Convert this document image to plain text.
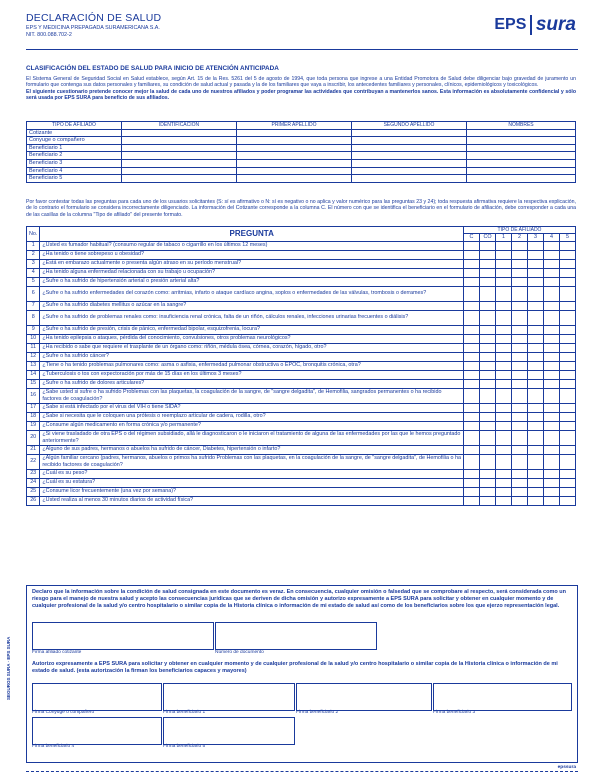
DECLARACIÓN DE SALUD
EPS Y MEDICINA PREPAGADA SURAMERICANA S.A.
NIT. 800.088.702-2
EPS sura
CLASIFICACIÓN DEL ESTADO DE SALUD PARA INICIO DE ATENCIÓN ANTICIPADA

El Sistema General de Seguridad Social en Salud establece, según Art. 15 de la Res. 5261 del 5 de agosto de 1994, que toda persona que ingrese a una Entidad Promotora de Salud debe diligenciar bajo gravedad de juramento un formulario que contenga sus datos personales y familiares, su condición de salud actual y pasada y la de los familiares que vaya a inscribir, los antecedentes familiares y personales, clínicos, epidemiológicos y toxicológicos.

El siguiente cuestionario pretende conocer mejor la salud de cada uno de nuestros afiliados y poder programar las actividades que contribuyan a mantenerlos sanos. Esta información es absolutamente confidencial y sólo será usada por EPS SURA para beneficio de sus afiliados.

TIPO DE AFILIADO	IDENTIFICACIÓN	PRIMER APELLIDO	SEGUNDO APELLIDO	NOMBRES
Cotizante				
Conyuge o compañero				
Beneficiario 1				
Beneficiario 2				
Beneficiario 3				
Beneficiario 4				
Beneficiario 5				
Por favor contestar todas las preguntas para cada uno de los usuarios solicitantes (S: sí es afirmativo o N: sí es negativo o no aplica y valor numérico para las preguntas 23 y 24); toda respuesta afirmativa requiere la respectiva explicación, de lo contrario el formulario se considera incorrectamente diligenciado. La información del Cotizante corresponde a la columna C. El número con que se identifica el beneficiario en el formulario de afiliación, debe corresponder a cada una de las casillas de la columna "Tipo de afiliado" del presente formato.
No.	PREGUNTA	TIPO DE AFILIADO						
		C	CO	1	2	3	4	5
1	¿Usted es fumador habitual? (consumo regular de tabaco o cigarrillo en los últimos 12 meses)							
2	¿Ha tenido o tiene sobrepeso u obesidad?							
3	¿Está en embarazo actualmente o presenta algún atraso en su período menstrual?							
4	¿Ha tenido alguna enfermedad relacionada con su trabajo u ocupación?							
5	¿Sufre o ha sufrido de hipertensión arterial o presión arterial alta?							
6	¿Sufre o ha sufrido enfermedades del corazón como: arritmias, infarto o ataque cardíaco angina, soplos o enfermedades de las válvulas, trombosis o derrames?							
7	¿Sufre o ha sufrido diabetes mellitus o azúcar en la sangre?							
8	¿Sufre o ha sufrido de problemas renales como: insuficiencia renal crónica, falta de un riñón, cálculos renales, infecciones urinarias frecuentes o diálisis?							
9	¿Sufre o ha sufrido de presión, crisis de pánico, enfermedad bipolar, esquizofrenia, locura?							
10	¿Ha tenido epilepsia o ataques, pérdida del conocimiento, convulsiones, otros problemas neurológicos?							
11	¿Ha recibido o sabe que requiere el trasplante de un órgano como: riñón, médula ósea, córnea, corazón, hígado, otro?							
12	¿Sufre o ha sufrido cáncer?							
13	¿Tiene o ha tenido problemas pulmonares como: asma o asfixia, enfermedad pulmonar obstructiva o EPOC, bronquitis crónica, otra?							
14	¿Tuberculosis o tos con expectoración por más de 15 días en los últimos 3 meses?							
15	¿Sufre o ha sufrido de dolores articulares?							
16	¿Sabe usted si sufre o ha sufrido Problemas con las plaquetas, la coagulación de la sangre, de "sangre delgadita", de Hemofilia, sangrados permanentes o ha recibido factores de coagulación?							
17	¿Sabe si está infectado por el virus del VIH o tiene SIDA?							
18	¿Sabe si necesita que le coloquen una prótesis o reemplazo articular de cadera, rodilla, otro?							
19	¿Consume algún medicamento en forma crónica y/o permanente?							
20	¿Si viene trasladado de otra EPS o del régimen subsidiado, allá le diagnosticaron o le iniciaron el tratamiento de alguna de las enfermedades por las que le hemos preguntado anteriormente?							
21	¿Alguno de sus padres, hermanos o abuelos ha sufrido de cáncer, Diabetes, hipertensión o infarto?							
22	¿Algún familiar cercano (padres, hermanos, abuelos o primos ha sufrido Problemas con las plaquetas, en la coagulación de la sangre, de "sangre delgadita", de Hemofilia o ha recibido factores de coagulación?							
23	¿Cuál es su peso?							
24	¿Cuál es su estatura?							
25	¿Consume licor frecuentemente (una vez por semana)?							
26	¿Usted realiza al menos 30 minutos diarios de actividad física?							
Declaro que la información sobre la condición de salud consignada en este documento es veraz. En consecuencia, cualquier omisión o falsedad que se comprobare al respecto, será considerada como un riesgo para el manejo de nuestra salud y acepto las consecuencias jurídicas que se deriven de dicha omisión y autorizo expresamente a EPS SURA para solicitar y obtener en cualquier momento y de cualquier profesional de la salud y/o centro hospitalario o similar copia de la Historia clínica o información de mi estado de salud así como de los beneficiarios sobre los que ejerzo representación legal.
Firma afiliado cotizante	Número de documento
Autorizo expresamente a EPS SURA para solicitar y obtener en cualquier momento y de cualquier profesional de la salud y/o centro hospitalario o similar copia de la Historia clínica o información de mi estado de salud. (esta autorización la firman los beneficiarios capaces y mayores)
Firma Conyuge o compañero	Firma beneficiario 1	Firma beneficiario 2	Firma beneficiario 3
Firma beneficiario 4	Firma beneficiario 5
SEGUROS SURA · EPS SURA
epssura
